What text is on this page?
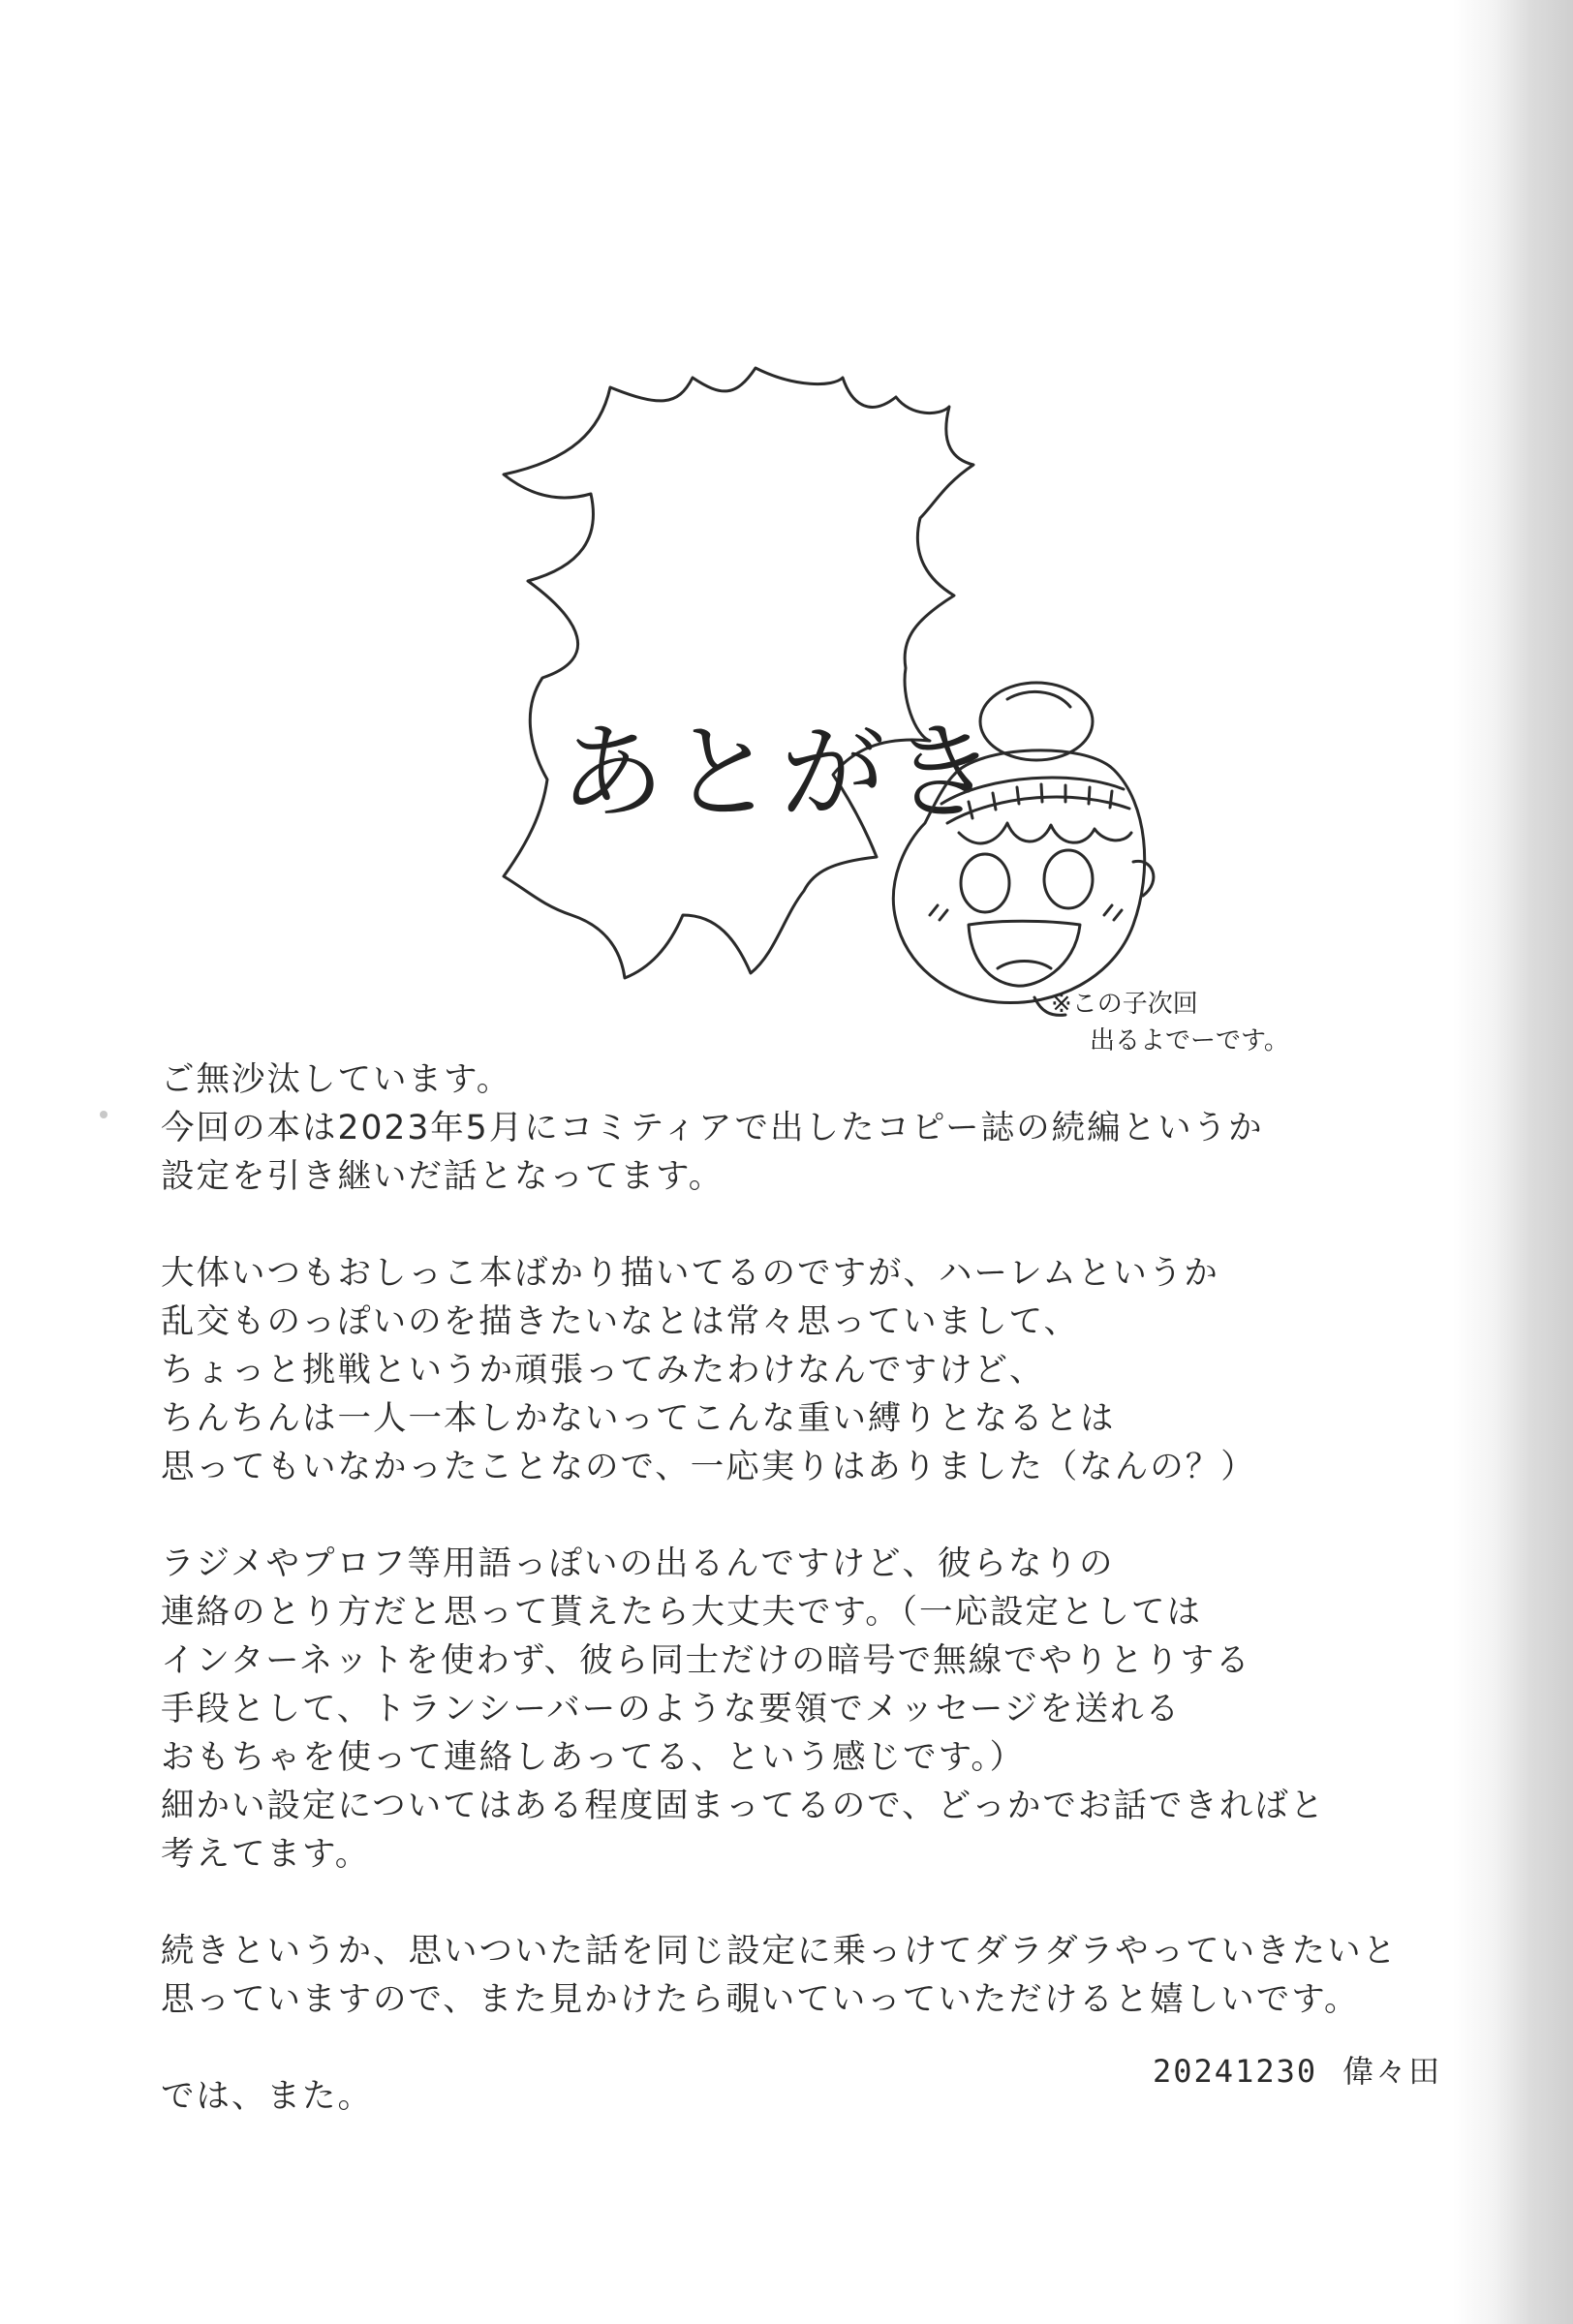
あとがき
※この子次回
出るよでーです。

ご無沙汰しています。
今回の本は2023年5月にコミティアで出したコピー誌の続編というか
設定を引き継いだ話となってます。

大体いつもおしっこ本ばかり描いてるのですが、ハーレムというか
乱交ものっぽいのを描きたいなとは常々思っていまして、
ちょっと挑戦というか頑張ってみたわけなんですけど、
ちんちんは一人一本しかないってこんな重い縛りとなるとは
思ってもいなかったことなので、一応実りはありました（なんの？）

ラジメやプロフ等用語っぽいの出るんですけど、彼らなりの
連絡のとり方だと思って貰えたら大丈夫です。（一応設定としては
インターネットを使わず、彼ら同士だけの暗号で無線でやりとりする
手段として、トランシーバーのような要領でメッセージを送れる
おもちゃを使って連絡しあってる、という感じです。）
細かい設定についてはある程度固まってるので、どっかでお話できればと
考えてます。

続きというか、思いついた話を同じ設定に乗っけてダラダラやっていきたいと
思っていますので、また見かけたら覗いていっていただけると嬉しいです。

では、また。

20241230 偉々田
